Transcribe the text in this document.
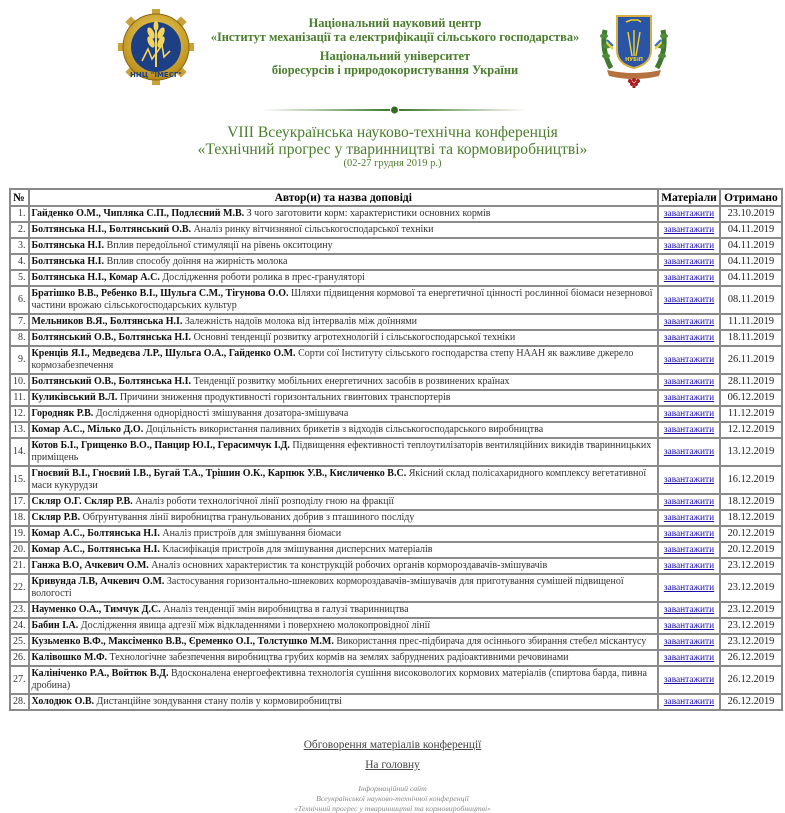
ННЦ "ІМЕСГ"
Національний науковий центр
«Інститут механізації та електрифікації сільського господарства»
Національний університет
біоресурсів і природокористування України
НУБіП
VIII Всеукраїнська науково-технічна конференція
«Технічний прогрес у тваринництві та кормовиробництві»
(02-27 грудня 2019 р.)
№	Автор(и) та назва доповіді	Матеріали	Отримано
1.	Гайденко О.М., Чипляка С.П., Подлєсний М.В. З чого заготовити корм: характеристики основних кормів	завантажити	23.10.2019
2.	Болтянська Н.І., Болтянський О.В. Аналіз ринку вітчизняної сільськогосподарської техніки	завантажити	04.11.2019
3.	Болтянська Н.І. Вплив передоїльної стимуляції на рівень окситоцину	завантажити	04.11.2019
4.	Болтянська Н.І. Вплив способу доїння на жирність молока	завантажити	04.11.2019
5.	Болтянська Н.І., Комар А.С. Дослідження роботи ролика в прес-грануляторі	завантажити	04.11.2019
6.	Братішко В.В., Ребенко В.І., Шульга С.М., Тігунова О.О. Шляхи підвищення кормової та енергетичної цінності рослинної біомаси незернової частини врожаю сільськогосподарських культур	завантажити	08.11.2019
7.	Мельников В.Я., Болтянська Н.І. Залежність надоїв молока від інтервалів між доїннями	завантажити	11.11.2019
8.	Болтянський О.В., Болтянська Н.І. Основні тенденції розвитку агротехнологій і сільськогосподарської техніки	завантажити	18.11.2019
9.	Кренців Я.І., Медведєва Л.Р., Шульга О.А., Гайденко О.М. Сорти сої Інституту сільського господарства степу НААН як важливе джерело кормозабезпечення	завантажити	26.11.2019
10.	Болтянський О.В., Болтянська Н.І. Тенденції розвитку мобільних енергетичних засобів в розвинених країнах	завантажити	28.11.2019
11.	Куликівський В.Л. Причини зниження продуктивності горизонтальних гвинтових транспортерів	завантажити	06.12.2019
12.	Городняк Р.В. Дослідження однорідності змішування дозатора-змішувача	завантажити	11.12.2019
13.	Комар А.С., Мілько Д.О. Доцільність використання паливних брикетів з відходів сільськогосподарського виробництва	завантажити	12.12.2019
14.	Котов Б.І., Грищенко В.О., Панцир Ю.І., Герасимчук І.Д. Підвищення ефективності теплоутилізаторів вентиляційних викидів тваринницьких приміщень	завантажити	13.12.2019
15.	Гноєвий В.І., Гноєвий І.В., Бугай Т.А., Трішин О.К., Карпюк У.В., Кисличенко В.С. Якісний склад полісахаридного комплексу вегетативної маси кукурудзи	завантажити	16.12.2019
17.	Скляр О.Г. Скляр Р.В. Аналіз роботи технологічної лінії розподілу гною на фракції	завантажити	18.12.2019
18.	Скляр Р.В. Обґрунтування лінії виробництва гранульованих добрив з пташиного посліду	завантажити	18.12.2019
19.	Комар А.С., Болтянська Н.І. Аналіз пристроїв для змішування біомаси	завантажити	20.12.2019
20.	Комар А.С., Болтянська Н.І. Класифікація пристроїв для змішування дисперсних матеріалів	завантажити	20.12.2019
21.	Ганжа В.О, Ачкевич О.М. Аналіз основних характеристик та конструкцій робочих органів кормороздавачів-змішувачів	завантажити	23.12.2019
22.	Кривунда Л.В, Ачкевич О.М. Застосування горизонтально-шнекових кормороздавачів-змішувачів для приготування сумішей підвищеної вологості	завантажити	23.12.2019
23.	Науменко О.А., Тимчук Д.С. Аналіз тенденції змін виробництва в галузі тваринництва	завантажити	23.12.2019
24.	Бабин І.А. Дослідження явища адгезії між відкладеннями і поверхнею молокопровідної лінії	завантажити	23.12.2019
25.	Кузьменко В.Ф., Максіменко В.В., Єременко О.І., Толстушко М.М. Використання прес-підбирача для осіннього збирання стебел міскантусу	завантажити	23.12.2019
26.	Калівошко М.Ф. Технологічне забезпечення виробництва грубих кормів на землях забруднених радіоактивними речовинами	завантажити	26.12.2019
27.	Калініченко Р.А., Войтюк В.Д. Вдосконалена енергоефективна технологія сушіння високовологих кормових матеріалів (спиртова барда, пивна дробина)	завантажити	26.12.2019
28.	Холодюк О.В. Дистанційне зондування стану полів у кормовиробництві	завантажити	26.12.2019
Обговорення матеріалів конференції
На головну
Інформаційний сайт
Всеукраїнської науково-технічної конференції
«Технічний прогрес у тваринництві та кормовиробництві»
